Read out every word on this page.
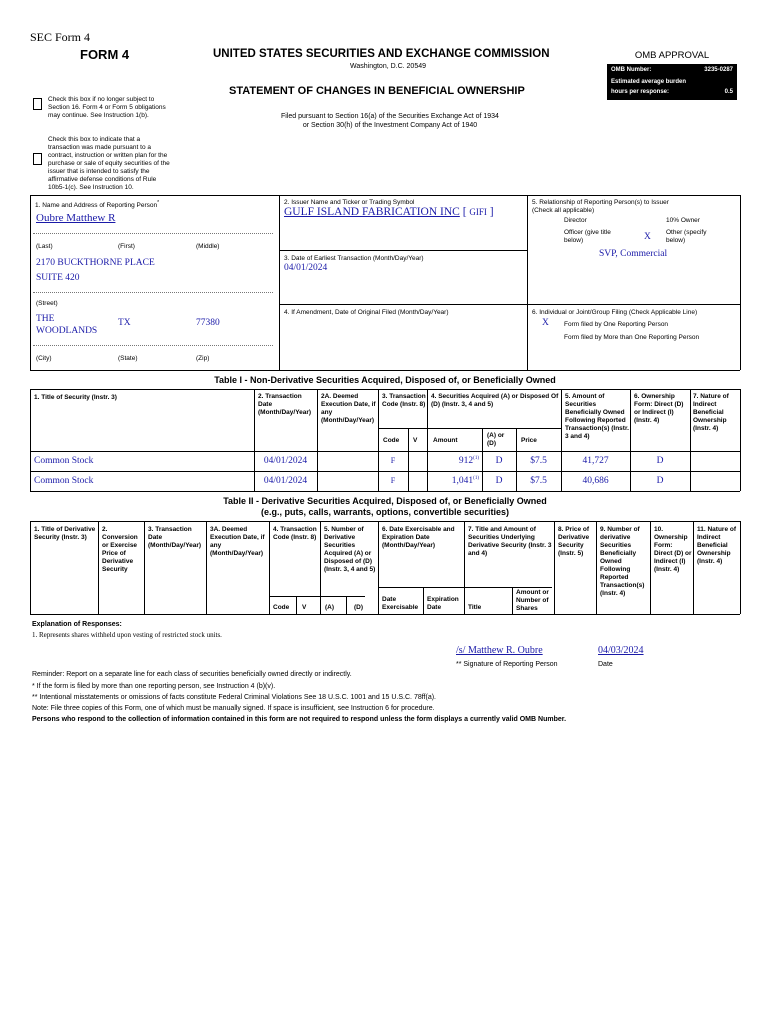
SEC Form 4
FORM 4	UNITED STATES SECURITIES AND EXCHANGE COMMISSION
Washington, D.C. 20549
STATEMENT OF CHANGES IN BENEFICIAL OWNERSHIP
Filed pursuant to Section 16(a) of the Securities Exchange Act of 1934
or Section 30(h) of the Investment Company Act of 1940
Check this box if no longer subject to Section 16. Form 4 or Form 5 obligations may continue. See Instruction 1(b).
Check this box to indicate that a transaction was made pursuant to a contract, instruction or written plan for the purchase or sale of equity securities of the issuer that is intended to satisfy the affirmative defense conditions of Rule 10b5-1(c). See Instruction 10.
OMB APPROVAL
OMB Number:	3235-0287
Estimated average burden
hours per response:	0.5
1. Name and Address of Reporting Person*
Oubre Matthew R
(Last)	(First)	(Middle)
2170 BUCKTHORNE PLACE
SUITE 420
(Street)
THE WOODLANDS
TX	77380
(City)	(State)	(Zip)
2. Issuer Name and Ticker or Trading Symbol
GULF ISLAND FABRICATION INC [ GIFI ]
3. Date of Earliest Transaction (Month/Day/Year)
04/01/2024
4. If Amendment, Date of Original Filed (Month/Day/Year)
5. Relationship of Reporting Person(s) to Issuer
(Check all applicable)
Director	10% Owner
Officer (give title below)	X Other (specify below)
SVP, Commercial
6. Individual or Joint/Group Filing (Check Applicable Line)
X Form filed by One Reporting Person
Form filed by More than One Reporting Person
Table I - Non-Derivative Securities Acquired, Disposed of, or Beneficially Owned
1. Title of Security (Instr. 3)	2. Transaction Date (Month/Day/Year)
2A. Deemed Execution Date, if any (Month/Day/Year)
3. Transaction Code (Instr. 8)
4. Securities Acquired (A) or Disposed Of (D) (Instr. 3, 4 and 5)
5. Amount of Securities Beneficially Owned Following Reported Transaction(s) (Instr. 3 and 4)
6. Ownership Form: Direct (D) or Indirect (I) (Instr. 4)
7. Nature of Indirect Beneficial Ownership (Instr. 4)
Code V Amount
(A) or (D)	Price
Common Stock	04/01/2024	F	912$^{(1)}$	D	$7.5	41,727	D
Common Stock	04/01/2024	F	1,041$^{(1)}$	D	$7.5	40,686	D
Table II - Derivative Securities Acquired, Disposed of, or Beneficially Owned
(e.g., puts, calls, warrants, options, convertible securities)
1. Title of Derivative Security (Instr. 3)
2. Conversion or Exercise Price of Derivative Security
3. Transaction Date (Month/Day/Year)
3A. Deemed Execution Date, if any (Month/Day/Year)
4. Transaction Code (Instr. 8)
5. Number of Derivative Securities Acquired (A) or Disposed of (D) (Instr. 3, 4 and 5)
6. Date Exercisable and Expiration Date (Month/Day/Year)
7. Title and Amount of Securities Underlying Derivative Security (Instr. 3 and 4)
8. Price of Derivative Security (Instr. 5)
9. Number of derivative Securities Beneficially Owned Following Reported Transaction(s) (Instr. 4)
10. Ownership Form: Direct (D) or Indirect (I) (Instr. 4)
11. Nature of Indirect Beneficial Ownership (Instr. 4)
Code V	(A)	(D)
Date Exercisable
Expiration Date	Title
Amount or Number of Shares
Explanation of Responses:
1. Represents shares withheld upon vesting of restricted stock units.
/s/ Matthew R. Oubre	04/03/2024
** Signature of Reporting Person	Date
Reminder: Report on a separate line for each class of securities beneficially owned directly or indirectly.
* If the form is filed by more than one reporting person, see Instruction 4 (b)(v).
** Intentional misstatements or omissions of facts constitute Federal Criminal Violations See 18 U.S.C. 1001 and 15 U.S.C. 78ff(a).
Note: File three copies of this Form, one of which must be manually signed. If space is insufficient, see Instruction 6 for procedure.
Persons who respond to the collection of information contained in this form are not required to respond unless the form displays a currently valid OMB Number.
